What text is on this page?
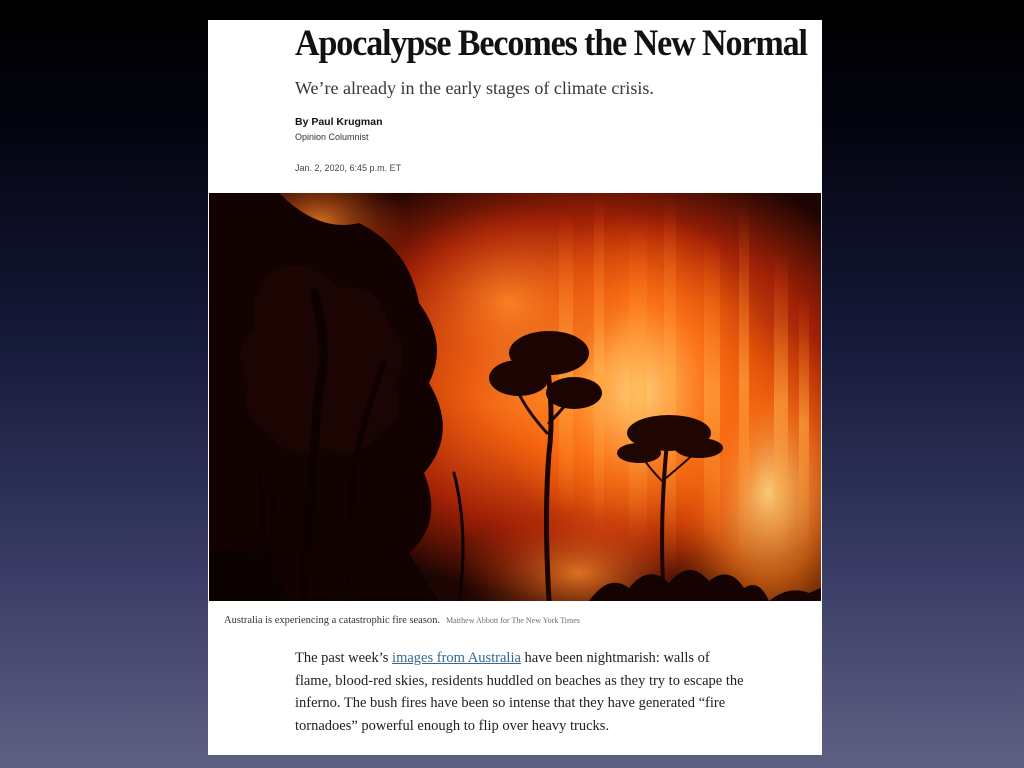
Apocalypse Becomes the New Normal
We’re already in the early stages of climate crisis.
By Paul Krugman
Opinion Columnist
Jan. 2, 2020, 6:45 p.m. ET
Australia is experiencing a catastrophic fire season. Matthew Abbott for The New York Times

The past week’s images from Australia have been nightmarish: walls of flame, blood-red skies, residents huddled on beaches as they try to escape the inferno. The bush fires have been so intense that they have generated “fire tornadoes” powerful enough to flip over heavy trucks.
